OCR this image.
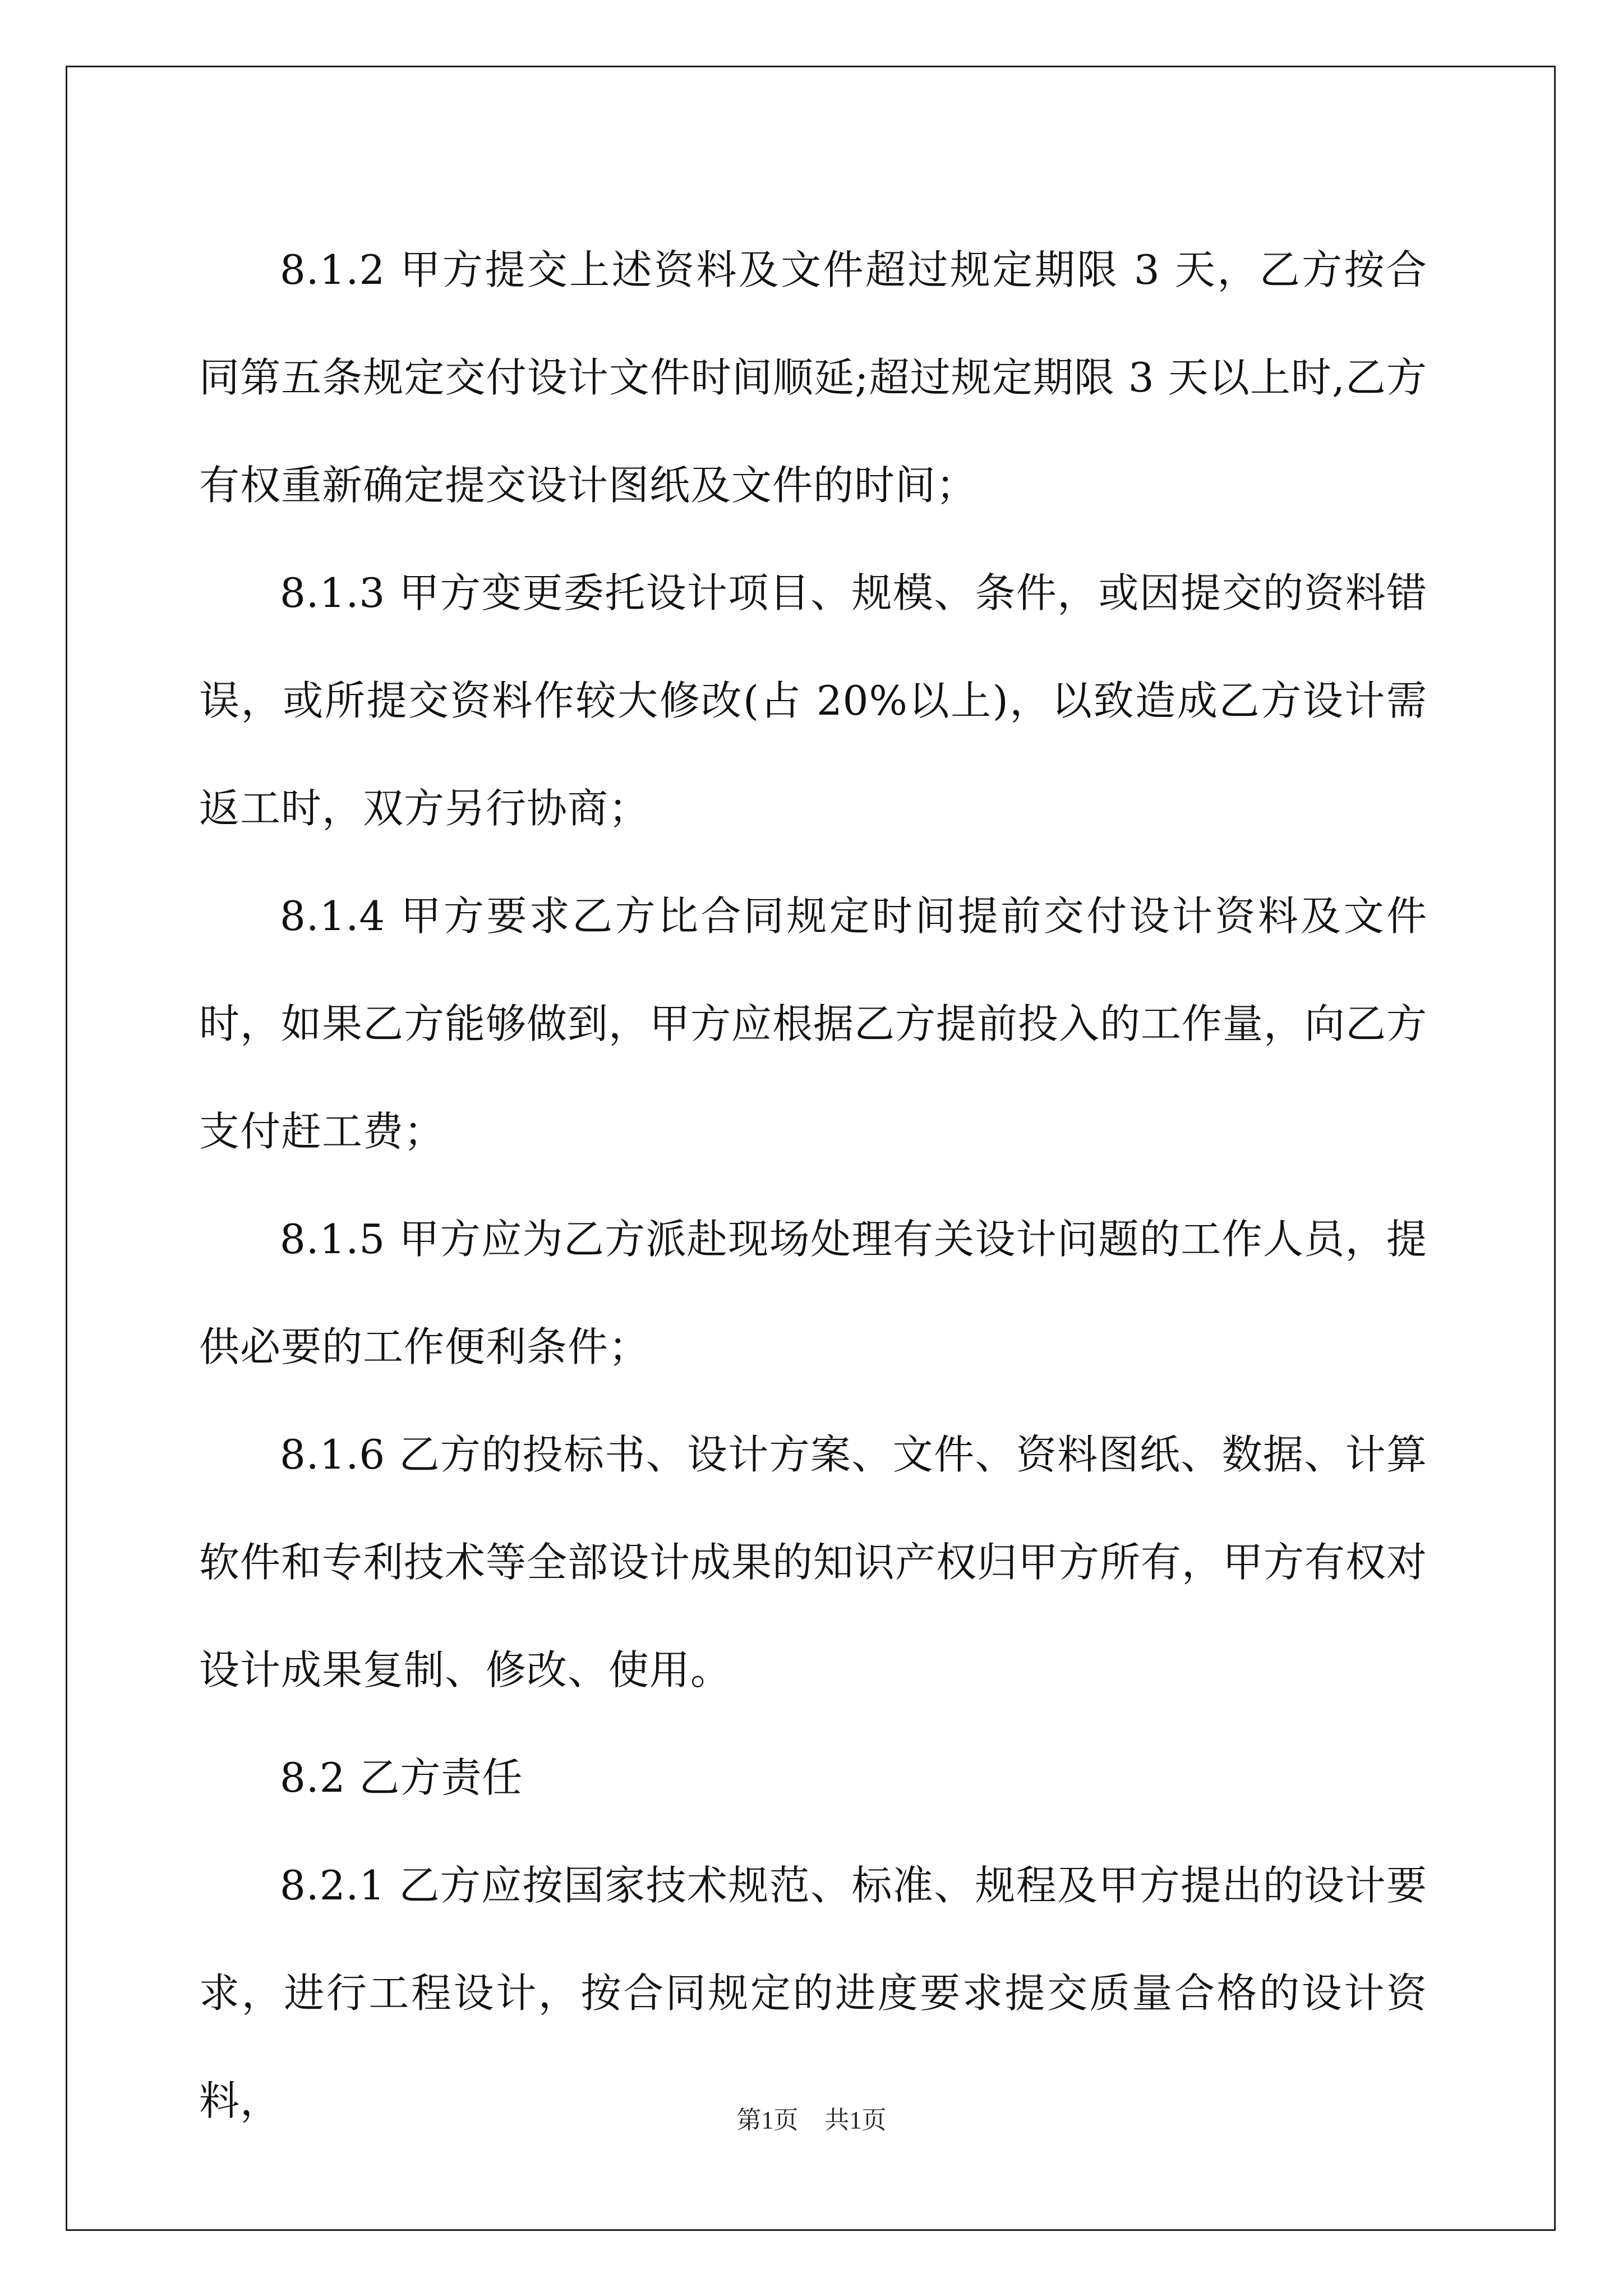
8.1.2 甲方提交上述资料及文件超过规定期限 3 天，乙方按合同第五条规定交付设计文件时间顺延;超过规定期限 3 天以上时,乙方有权重新确定提交设计图纸及文件的时间；

8.1.3 甲方变更委托设计项目、规模、条件，或因提交的资料错误，或所提交资料作较大修改(占 20%以上)，以致造成乙方设计需返工时，双方另行协商；

8.1.4 甲方要求乙方比合同规定时间提前交付设计资料及文件时，如果乙方能够做到，甲方应根据乙方提前投入的工作量，向乙方支付赶工费；

8.1.5 甲方应为乙方派赴现场处理有关设计问题的工作人员，提供必要的工作便利条件；

8.1.6 乙方的投标书、设计方案、文件、资料图纸、数据、计算软件和专利技术等全部设计成果的知识产权归甲方所有，甲方有权对设计成果复制、修改、使用。

8.2 乙方责任

8.2.1 乙方应按国家技术规范、标准、规程及甲方提出的设计要求，进行工程设计，按合同规定的进度要求提交质量合格的设计资料，	第1页 共1页
